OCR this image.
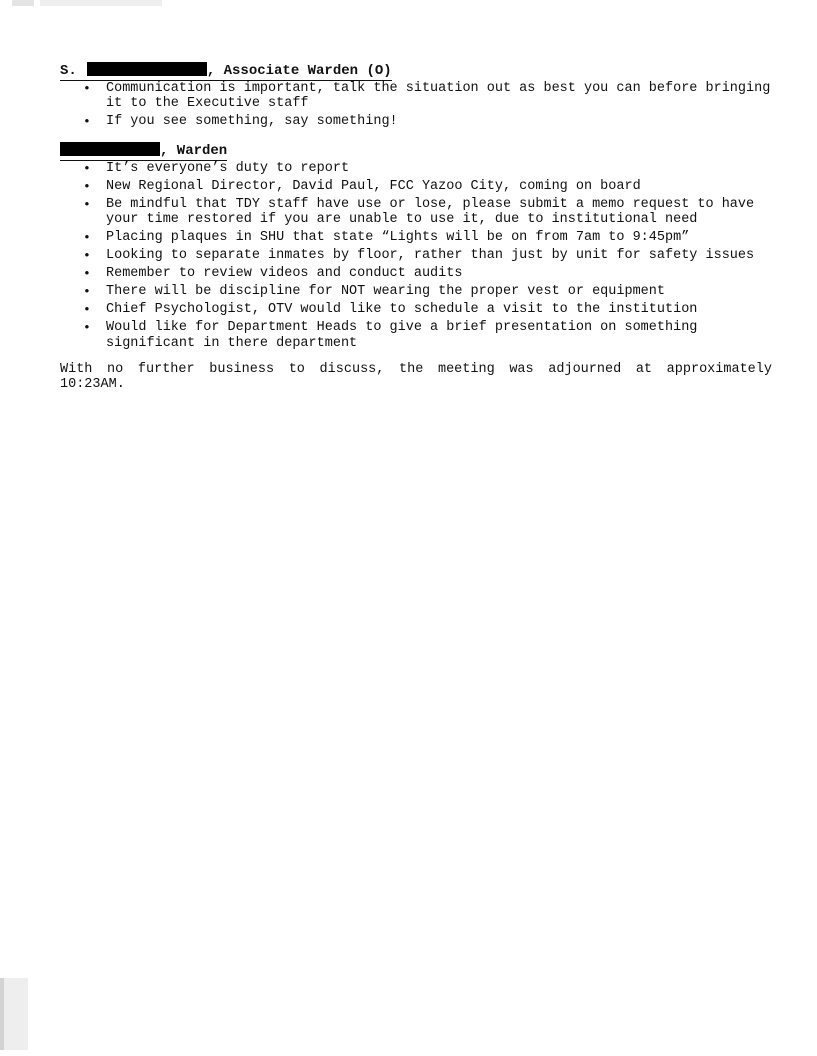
S.	, Associate Warden (O)
• Communication is important, talk the situation out as best you can before bringing it to the Executive staff
• If you see something, say something!
, Warden
• It’s everyone’s duty to report
• New Regional Director, David Paul, FCC Yazoo City, coming on board
• Be mindful that TDY staff have use or lose, please submit a memo request to have your time restored if you are unable to use it, due to institutional need
• Placing plaques in SHU that state “Lights will be on from 7am to 9:45pm”
• Looking to separate inmates by floor, rather than just by unit for safety issues
• Remember to review videos and conduct audits
• There will be discipline for NOT wearing the proper vest or equipment
• Chief Psychologist, OTV would like to schedule a visit to the institution
• Would like for Department Heads to give a brief presentation on something significant in there department

With no further business to discuss, the meeting was adjourned at approximately 10:23AM.
